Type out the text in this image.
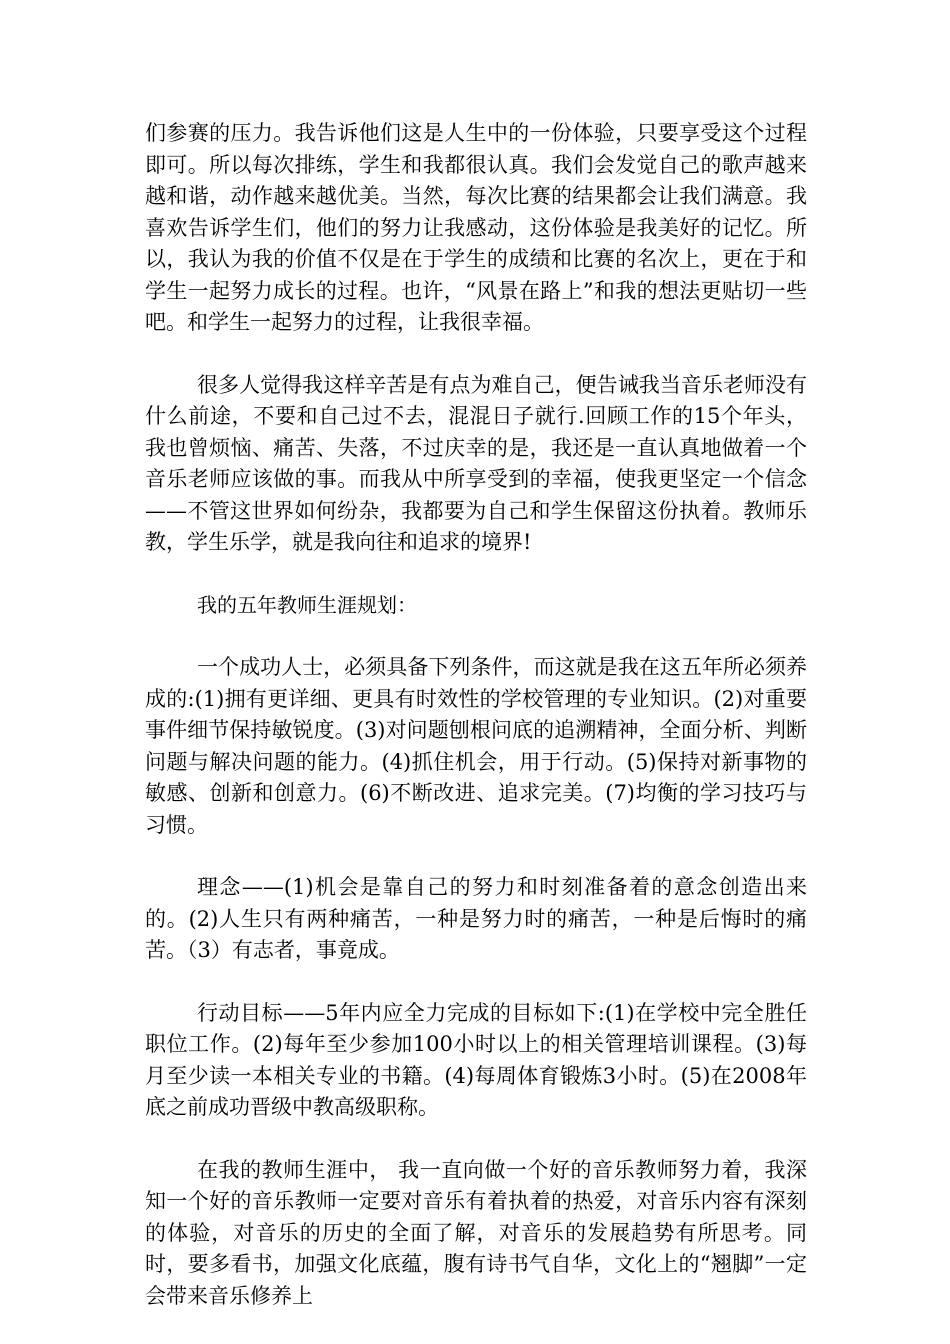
们参赛的压力。我告诉他们这是人生中的一份体验，只要享受这个过程即可。所以每次排练，学生和我都很认真。我们会发觉自己的歌声越来越和谐，动作越来越优美。当然，每次比赛的结果都会让我们满意。我喜欢告诉学生们，他们的努力让我感动，这份体验是我美好的记忆。所以，我认为我的价值不仅是在于学生的成绩和比赛的名次上，更在于和学生一起努力成长的过程。也许，“风景在路上”和我的想法更贴切一些吧。和学生一起努力的过程，让我很幸福。

很多人觉得我这样辛苦是有点为难自己，便告诫我当音乐老师没有什么前途，不要和自己过不去，混混日子就行.回顾工作的15个年头，我也曾烦恼、痛苦、失落，不过庆幸的是，我还是一直认真地做着一个音乐老师应该做的事。而我从中所享受到的幸福，使我更坚定一个信念——不管这世界如何纷杂，我都要为自己和学生保留这份执着。教师乐教，学生乐学，就是我向往和追求的境界!

我的五年教师生涯规划：

一个成功人士，必须具备下列条件，而这就是我在这五年所必须养成的:(1)拥有更详细、更具有时效性的学校管理的专业知识。(2)对重要事件细节保持敏锐度。(3)对问题刨根问底的追溯精神，全面分析、判断问题与解决问题的能力。(4)抓住机会，用于行动。(5)保持对新事物的敏感、创新和创意力。(6)不断改进、追求完美。(7)均衡的学习技巧与习惯。

理念——(1)机会是靠自己的努力和时刻准备着的意念创造出来的。(2)人生只有两种痛苦，一种是努力时的痛苦，一种是后悔时的痛苦。（3）有志者，事竟成。

行动目标——5年内应全力完成的目标如下:(1)在学校中完全胜任职位工作。(2)每年至少参加100小时以上的相关管理培训课程。(3)每月至少读一本相关专业的书籍。(4)每周体育锻炼3小时。(5)在2008年底之前成功晋级中教高级职称。

在我的教师生涯中， 我一直向做一个好的音乐教师努力着，我深知一个好的音乐教师一定要对音乐有着执着的热爱，对音乐内容有深刻的体验，对音乐的历史的全面了解，对音乐的发展趋势有所思考。同时，要多看书，加强文化底蕴，腹有诗书气自华，文化上的“翘脚”一定会带来音乐修养上
